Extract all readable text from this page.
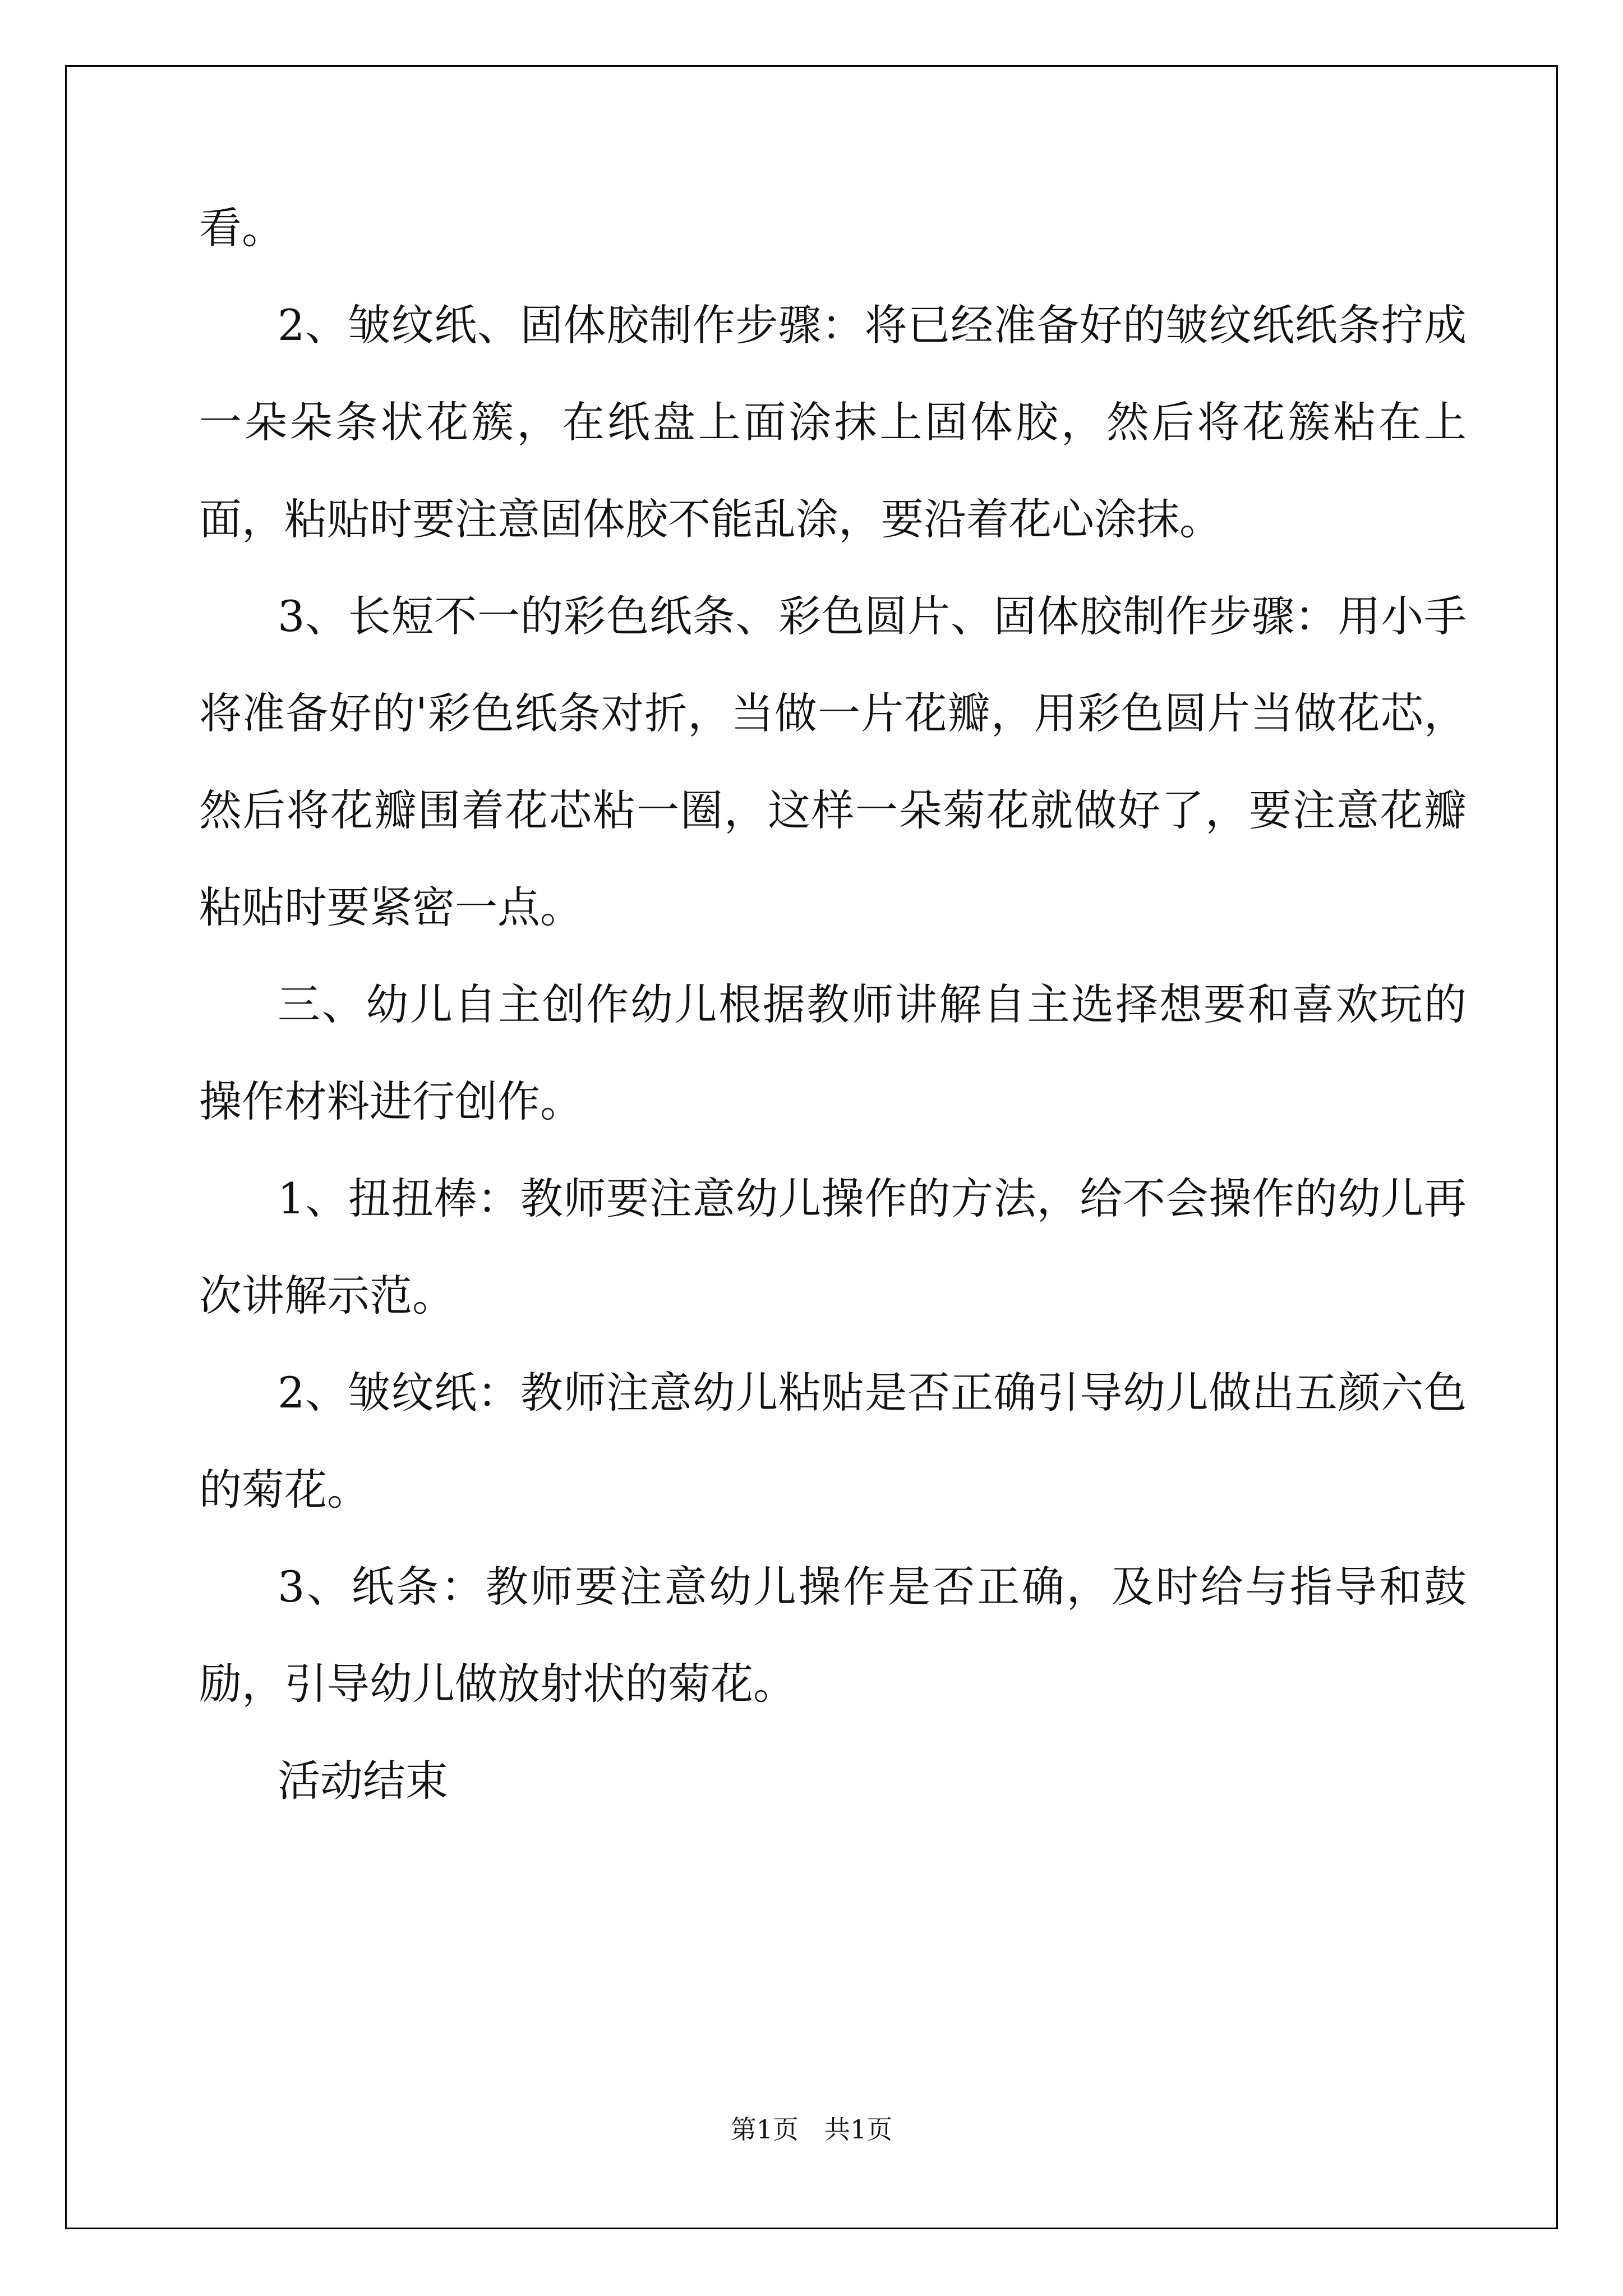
看。

2、皱纹纸、固体胶制作步骤：将已经准备好的皱纹纸纸条拧成一朵朵条状花簇，在纸盘上面涂抹上固体胶，然后将花簇粘在上面，粘贴时要注意固体胶不能乱涂，要沿着花心涂抹。

3、长短不一的彩色纸条、彩色圆片、固体胶制作步骤：用小手将准备好的'彩色纸条对折，当做一片花瓣，用彩色圆片当做花芯，然后将花瓣围着花芯粘一圈，这样一朵菊花就做好了，要注意花瓣粘贴时要紧密一点。

三、幼儿自主创作幼儿根据教师讲解自主选择想要和喜欢玩的操作材料进行创作。

1、扭扭棒：教师要注意幼儿操作的方法，给不会操作的幼儿再次讲解示范。

2、皱纹纸：教师注意幼儿粘贴是否正确引导幼儿做出五颜六色的菊花。

3、纸条：教师要注意幼儿操作是否正确，及时给与指导和鼓励，引导幼儿做放射状的菊花。

活动结束

第1页　共1页
